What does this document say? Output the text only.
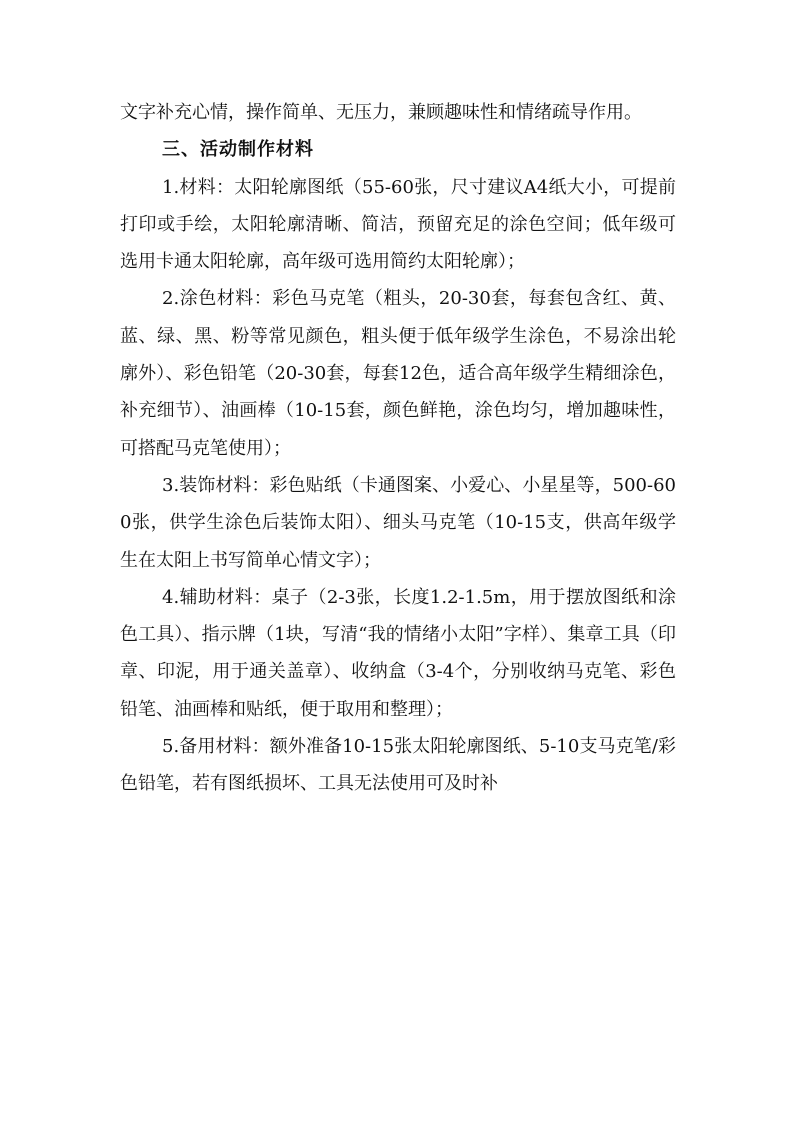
文字补充心情，操作简单、无压力，兼顾趣味性和情绪疏导作用。

三、活动制作材料

1.材料：太阳轮廓图纸（55-60张，尺寸建议A4纸大小，可提前打印或手绘，太阳轮廓清晰、简洁，预留充足的涂色空间；低年级可选用卡通太阳轮廓，高年级可选用简约太阳轮廓）；

2.涂色材料：彩色马克笔（粗头，20-30套，每套包含红、黄、蓝、绿、黑、粉等常见颜色，粗头便于低年级学生涂色，不易涂出轮廓外）、彩色铅笔（20-30套，每套12色，适合高年级学生精细涂色，补充细节）、油画棒（10-15套，颜色鲜艳，涂色均匀，增加趣味性，可搭配马克笔使用）；

3.装饰材料：彩色贴纸（卡通图案、小爱心、小星星等，500-600张，供学生涂色后装饰太阳）、细头马克笔（10-15支，供高年级学生在太阳上书写简单心情文字）；

4.辅助材料：桌子（2-3张，长度1.2-1.5m，用于摆放图纸和涂色工具）、指示牌（1块，写清“我的情绪小太阳”字样）、集章工具（印章、印泥，用于通关盖章）、收纳盒（3-4个，分别收纳马克笔、彩色铅笔、油画棒和贴纸，便于取用和整理）；

5.备用材料：额外准备10-15张太阳轮廓图纸、5-10支马克笔/彩色铅笔，若有图纸损坏、工具无法使用可及时补
